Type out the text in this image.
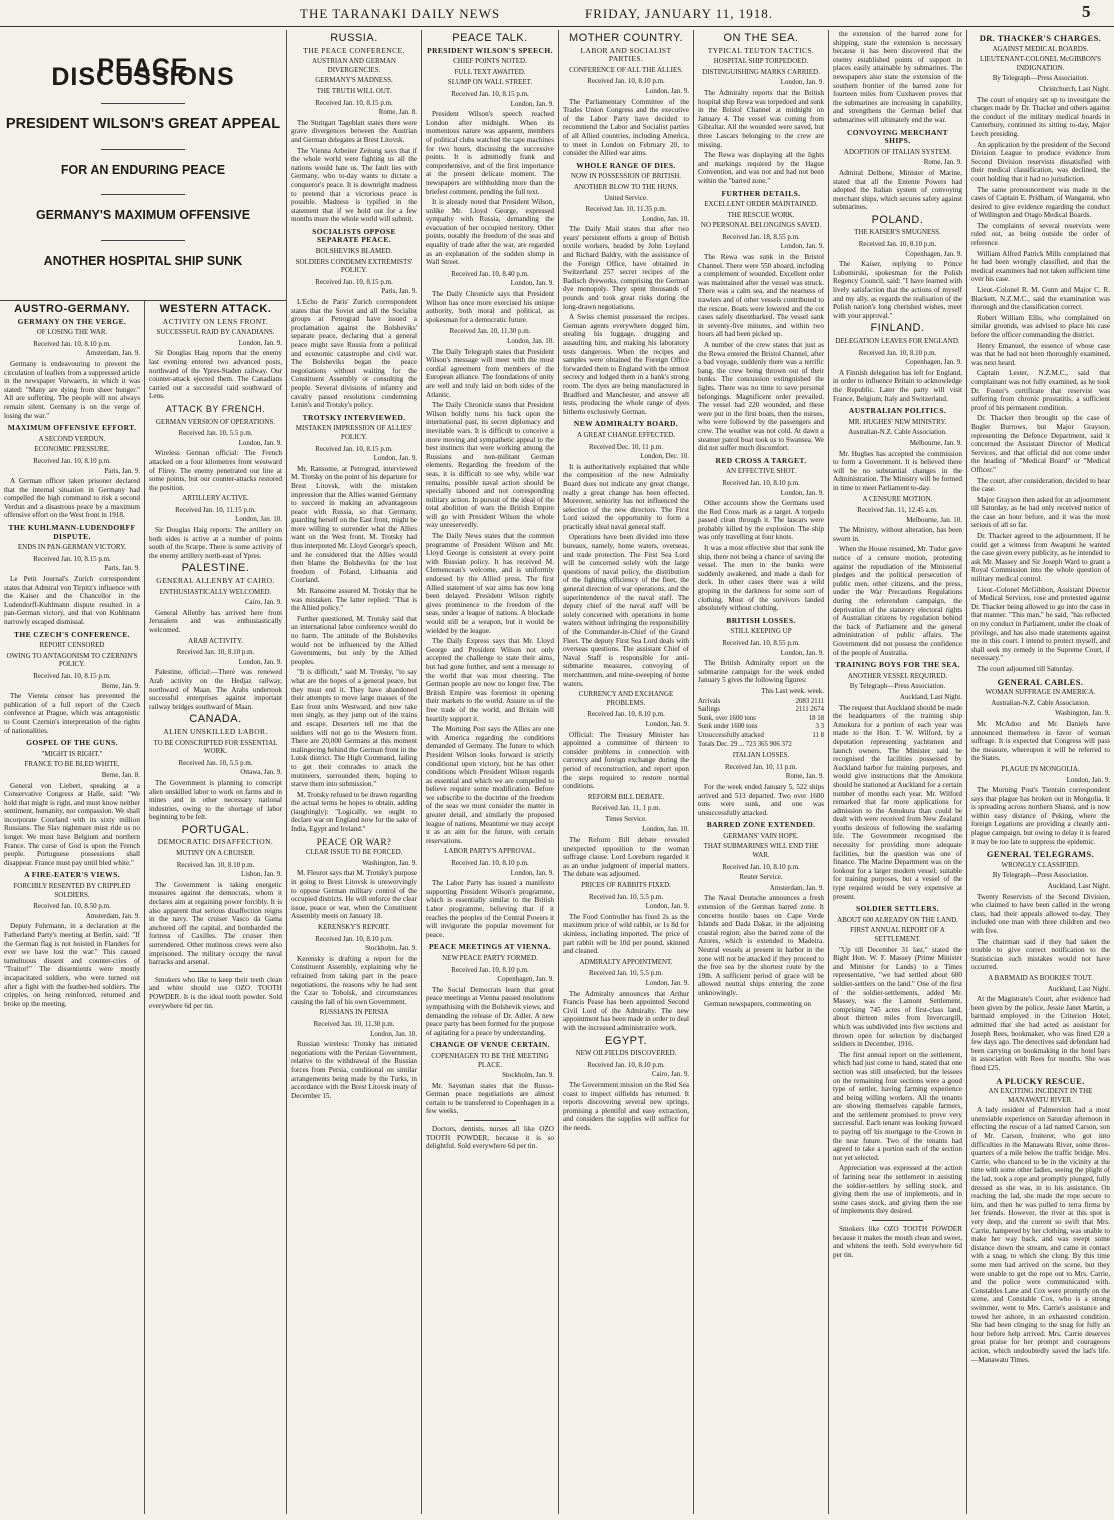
THE TARANAKI DAILY NEWS	FRIDAY, JANUARY 11, 1918.	5
PEACE DISCUSSIONS
PRESIDENT WILSON'S GREAT APPEAL
FOR AN ENDURING PEACE
GERMANY'S MAXIMUM OFFENSIVE
ANOTHER HOSPITAL SHIP SUNK
AUSTRO-GERMANY.
GERMANY ON THE VERGE.
OF LOSING THE WAR.
Received Jan. 10, 8.10 p.m.
Amsterdam, Jan. 9.

Germany is endeavouring to prevent the circulation of leaflets from a suppressed article in the newspaper Vorwaerts, in which it was stated: "Many are dying from sheer hunger." All are suffering. The people will not always remain silent. Germany is on the verge of losing the war."

MAXIMUM OFFENSIVE EFFORT.
A SECOND VERDUN.
ECONOMIC PRESSURE.
Received Jan. 10, 8.10 p.m.
Paris, Jan. 9.

A German officer taken prisoner declared that the internal situation in Germany had compelled the high command to risk a second Verdun and a disastrous peace by a maximum offensive effort on the West front in 1918.

THE KUHLMANN-LUDENDORFF DISPUTE.
ENDS IN PAN-GERMAN VICTORY.
Received Jan. 10, 8.15 p.m.
Paris, Jan. 9.

Le Petit Journal's Zurich correspondent states that Admiral von Tirpitz's influence with the Kaiser and the Chancellor in the Ludendorff-Kuhlmann dispute resulted in a pan-German victory, and that von Kuhlmann narrowly escaped dismissal.

THE CZECH'S CONFERENCE.
REPORT CENSORED
OWING TO ANTAGONISM TO CZERNIN'S POLICY.
Received Jan. 10, 8.15 p.m.
Berne, Jan. 9.

The Vienna censor has prevented the publication of a full report of the Czech conference at Prague, which was antagonistic to Count Czernin's interpretation of the rights of nationalities.

GOSPEL OF THE GUNS.
"MIGHT IS RIGHT."
FRANCE TO BE BLED WHITE.
Berne, Jan. 8.

General von Liebert, speaking at a Conservative Congress at Halle, said: "We hold that might is right, and must know neither sentiment, humanity, nor compassion. We shall incorporate Courland with its sixty million Russians. The Slav nightmare must ride us no longer. We must have Belgium and northern France. The curse of God is upon the French people. Portuguese possessions shall disappear. France must pay until bled white."

A FIRE-EATER'S VIEWS.
FORCIBLY RESENTED BY CRIPPLED SOLDIERS.
Received Jan. 10, 8.50 p.m.
Amsterdam, Jan. 9.

Deputy Fuhrmann, in a declaration at the Fatherland Party's meeting at Berlin, said: "If the German flag is not hoisted in Flanders for ever we have lost the war." This caused tumultuous dissent and counter-cries of "Traitor!" The dissentients were mostly incapacitated soldiers, who were turned out after a fight with the feather-bed soldiers. The cripples, on being reinforced, returned and broke up the meeting.

WESTERN ATTACK.
ACTIVITY ON LENS FRONT.
SUCCESSFUL RAID BY CANADIANS.
London, Jan. 9.

Sir Douglas Haig reports that the enemy last evening entered two advanced posts, northward of the Ypres-Staden railway. Our counter-attack ejected them. The Canadians carried out a successful raid southward of Lens.

ATTACK BY FRENCH.
GERMAN VERSION OF OPERATIONS.
Received Jan. 10, 5.5 p.m.
London, Jan. 9.

Wireless German official: The French attacked on a four kilometres front westward of Flirey. The enemy penetrated our line at some points, but our counter-attacks restored the position.

ARTILLERY ACTIVE.
Received Jan. 10, 11.15 p.m.
London, Jan. 10.

Sir Douglas Haig reports: The artillery on both sides is active at a number of points south of the Scarpe. There is some activity of the enemy artillery north-east of Ypres.

PALESTINE.
GENERAL ALLENBY AT CAIRO.
ENTHUSIASTICALLY WELCOMED.
Cairo, Jan. 9.

General Allenby has arrived here from Jerusalem and was enthusiastically welcomed.

ARAB ACTIVITY.
Received Jan. 10, 8.10 p.m.
London, Jan. 9.

Palestine, official:—There was renewed Arab activity on the Hedjaz railway, northward of Maan. The Arabs undertook successful enterprises against important railway bridges southward of Maan.

CANADA.
ALIEN UNSKILLED LABOR.
TO BE CONSCRIPTED FOR ESSENTIAL WORK.
Received Jan. 10, 5.5 p.m.
Ottawa, Jan. 9.

The Government is planning to conscript alien unskilled labor to work on farms and in mines and in other necessary national industries, owing to the shortage of labor beginning to be felt.

PORTUGAL.
DEMOCRATIC DISAFFECTION.
MUTINY ON A CRUISER.
Received Jan. 10, 8.10 p.m.
Lisbon, Jan. 9.

The Government is taking energetic measures against the democrats, whom it declares aim at regaining power forcibly. It is also apparent that serious disaffection reigns in the navy. The cruiser Vasco da Gama anchored off the capital, and bombarded the fortress of Caxilles. The cruiser then surrendered. Other mutinous crews were also imprisoned. The military occupy the naval barracks and arsenal.

Smokers who like to keep their teeth clean and white should use OZO TOOTH POWDER. It is the ideal tooth powder. Sold everywhere 6d per tin.

RUSSIA.
THE PEACE CONFERENCE.
AUSTRIAN AND GERMAN DIVERGENCIES.
GERMANY'S MADNESS.
THE TRUTH WILL OUT.
Received Jan. 10, 8.15 p.m.
Rome, Jan. 8.

The Stuttgart Tageblatt states there were grave divergences between the Austrian and German delegates at Brest Litovsk.

The Vienna Arbeiter Zeitung says that if the whole world were fighting us all the nations would hate us. The fault lies with Germany, who to-day wants to dictate a conqueror's peace. It is downright madness to pretend that a victorious peace is possible. Madness is typified in the statement that if we hold out for a few months more the whole world will submit.

SOCIALISTS OPPOSE SEPARATE PEACE.
BOLSHEVIKS BLAMED.
SOLDIERS CONDEMN EXTREMISTS' POLICY.
Received Jan. 10, 8.15 p.m.
Paris, Jan. 9.

L'Echo de Paris' Zurich correspondent states that the Soviet and all the Socialist groups at Petrograd have issued a proclamation against the Bolsheviks' separate peace, declaring that a general peace might save Russia from a political and economic catastrophe and civil war. The Bolsheviks began the peace negotiations without waiting for the Constituent Assembly or consulting the people. Several divisions of infantry and cavalry passed resolutions condemning Lenin's and Trotsky's policy.

TROTSKY INTERVIEWED.
MISTAKEN IMPRESSION OF ALLIES' POLICY.
Received Jan. 10, 8.15 p.m.
London, Jan. 9.

Mr. Ransome, at Petrograd, interviewed M. Trotsky on the point of his departure for Brest Litovsk, with the mistaken impression that the Allies wanted Germany to succeed in making an advantageous peace with Russia, so that Germany, guarding herself on the East front, might be more willing to surrender what the Allies want on the West front. M. Trotsky had thus interpreted Mr. Lloyd George's speech, and he considered that the Allies would then blame the Bolsheviks for the lost freedom of Poland, Lithuania and Courland.

Mr. Ransome assured M. Trotsky that he was mistaken. The latter replied: "That is the Allied policy."

Further questioned, M. Trotsky said that an international labor conference would do no harm. The attitude of the Bolsheviks would not be influenced by the Allied Governments, but only by the Allied peoples.

"It is difficult," said M. Trotsky, "to say what are the hopes of a general peace, but they must end it. They have abandoned their attempts to move large masses of the East front units Westward, and now take men singly, as they jump out of the trains and escape. Deserters tell me that the soldiers will not go to the Western front. There are 20,000 Germans at this moment malingering behind the German front in the Lutsk district. The High Command, failing to get their comrades to attack the mutineers, surrounded them, hoping to starve them into submission."

M. Trotsky refused to be drawn regarding the actual terms he hopes to obtain, adding (laughingly): "Logically, we ought to declare war on England now for the sake of India, Egypt and Ireland."

PEACE OR WAR?
CLEAR ISSUE TO BE FORCED.
Washington, Jan. 9.

M. Fleurot says that M. Trotsky's purpose in going to Brest Litovsk is unswervingly to oppose German military control of the occupied districts. He will enforce the clear issue, peace or war, when the Constituent Assembly meets on January 18.

KERENSKY'S REPORT.
Received Jan. 10, 8.10 p.m.
Stockholm, Jan. 9.

Kerensky is drafting a report for the Constituent Assembly, explaining why he refrained from taking part in the peace negotiations, the reasons why he had sent the Czar to Tobolsk, and circumstances causing the fall of his own Government.

RUSSIANS IN PERSIA
Received Jan. 10, 11.30 p.m.
London, Jan. 10.

Russian wireless: Trotsky has initiated negotiations with the Persian Government, relative to the withdrawal of the Russian forces from Persia, conditional on similar arrangements being made by the Turks, in accordance with the Brest Litovsk treaty of December 15.

PEACE TALK.
PRESIDENT WILSON'S SPEECH.
CHIEF POINTS NOTED.
FULL TEXT AWAITED.
SLUMP ON WALL STREET.
Received Jan. 10, 8.15 p.m.
London, Jan. 9.

President Wilson's speech reached London after midnight. When its momentous nature was apparent, members of political clubs watched the tape machines for two hours, discussing the successive points. It is admittedly frank and comprehensive, and of the first importance at the present delicate moment. The newspapers are withholding more than the briefest comment, pending the full text.

It is already noted that President Wilson, unlike Mr. Lloyd George, expressed sympathy with Russia, demanding the evacuation of her occupied territory. Other points, notably the freedom of the seas and equality of trade after the war, are regarded as an explanation of the sudden slump in Wall Street.

Received Jan. 10, 8.40 p.m.
London, Jan. 9.

The Daily Chronicle says that President Wilson has once more exercised his unique authority, both moral and political, as spokesman for a democratic future.

Received Jan. 10, 11.30 p.m.
London, Jan. 10.

The Daily Telegraph states that President Wilson's message will meet with the most cordial agreement from members of the European alliance. The foundations of unity are well and truly laid on both sides of the Atlantic.

The Daily Chronicle states that President Wilson boldly turns his back upon the international past, its secret diplomacy and inevitable wars. It is difficult to conceive a more moving and sympathetic appeal to the best instincts that were working among the Russians and non-militant German elements. Regarding the freedom of the seas, it is difficult to see why, while war remains, possible naval action should be specially tabooed and not corresponding military action. In pursuit of the ideal of the total abolition of wars the British Empire will go with President Wilson the whole way unreservedly.

The Daily News states that the common programme of President Wilson and Mr. Lloyd George is consistent at every point with Russian policy. It has received M. Clemenceau's welcome, and is uniformly endorsed by the Allied press. The first Allied statement of war aims has now long been delayed. President Wilson rightly gives prominence to the freedom of the seas, under a league of nations. A blockade would still be a weapon, but it would be wielded by the league.

The Daily Express says that Mr. Lloyd George and President Wilson not only accepted the challenge to state their aims, but had gone further, and sent a message to the world that was most cheering. The German people are now no longer free. The British Empire was foremost in opening their markets to the world. Assure us of the free trade of the world, and Britain will heartily support it.

The Morning Post says the Allies are one with America regarding the conditions demanded of Germany. The future to which President Wilson looks forward is strictly conditional upon victory, but he has other conditions which President Wilson regards as essential and which we are compelled to believe require some modification. Before we subscribe to the doctrine of the freedom of the seas we must consider the matter in greater detail, and similarly the proposed league of nations. Meantime we may accept it as an aim for the future, with certain reservations.

LABOR PARTY'S APPROVAL.
Received Jan. 10, 8.10 p.m.
London, Jan. 9.

The Labor Party has issued a manifesto supporting President Wilson's programme, which is essentially similar to the British Labor programme, believing that if it reaches the peoples of the Central Powers it will invigorate the popular movement for peace.

PEACE MEETINGS AT VIENNA.
NEW PEACE PARTY FORMED.
Received Jan. 10, 8.10 p.m.
Copenhagen, Jan. 9.

The Social Democrats learn that great peace meetings at Vienna passed resolutions sympathising with the Bolshevik views, and demanding the release of Dr. Adler. A new peace party has been formed for the purpose of agitating for a peace by understanding.

CHANGE OF VENUE CERTAIN.
COPENHAGEN TO BE THE MEETING PLACE.
Stockholm, Jan. 9.

Mr. Saysman states that the Russo-German peace negotiations are almost certain to be transferred to Copenhagen in a few weeks.

Doctors, dentists, nurses all like OZO TOOTH POWDER, because it is so delightful. Sold everywhere 6d per tin.

MOTHER COUNTRY.
LABOR AND SOCIALIST PARTIES.
CONFERENCE OF ALL THE ALLIES.
Received Jan. 10, 8.10 p.m.
London, Jan. 9.

The Parliamentary Committee of the Trades Union Congress and the executive of the Labor Party have decided to recommend the Labor and Socialist parties of all Allied countries, including America, to meet in London on February 20, to consider the Allied war aims.

WHOLE RANGE OF DIES.
NOW IN POSSESSION OF BRITISH.
ANOTHER BLOW TO THE HUNS.
United Service.
Received Jan. 10, 11.35 p.m.
London, Jan. 10.

The Daily Mail states that after two years' persistent efforts a group of British textile workers, headed by John Leyland and Richard Baldry, with the assistance of the Foreign Office, have obtained in Switzerland 257 secret recipes of the Badisch dyeworks, comprising the German dye monopoly. They spent thousands of pounds and took great risks during the long-drawn negotiations.

A Swiss chemist possessed the recipes. German agents everywhere dogged him, stealing his luggage, drugging and assaulting him, and making his laboratory tests dangerous. When the recipes and samples were obtained the Foreign Office forwarded them to England with the utmost secrecy and lodged them in a bank's strong room. The dyes are being manufactured in Bradford and Manchester, and answer all tests, producing the whole range of dyes hitherto exclusively German.

NEW ADMIRALTY BOARD.
A GREAT CHANGE EFFECTED.
Received Dec. 10, 11 p.m.
London, Dec. 10.

It is authoritatively explained that while the composition of the new Admiralty Board does not indicate any great change, really a great change has been effected. Moreover, seniority has not influenced the selection of the new directors. The First Lord seized the opportunity to form a practically ideal naval general staff.

Operations have been divided into three bureaux, namely, home waters, overseas, and trade protection. The First Sea Lord will be concerned solely with the large questions of naval policy, the distribution of the fighting efficiency of the fleet, the general direction of war operations, and the superintendence of the naval staff. The deputy chief of the naval staff will be solely concerned with operations in home waters without infringing the responsibility of the Commander-in-Chief of the Grand Fleet. The deputy First Sea Lord deals with overseas questions. The assistant Chief of Naval Staff is responsible for anti-submarine measures, convoying of merchantmen, and mine-sweeping of home waters.

CURRENCY AND EXCHANGE PROBLEMS.
Received Jan. 10, 8.10 p.m.
London, Jan. 9.

Official: The Treasury Minister has appointed a committee of thirteen to consider problems in connection with currency and foreign exchange during the period of reconstruction, and report upon the steps required to restore normal conditions.

REFORM BILL DEBATE.
Received Jan. 11, 1 p.m.
Times Service.
London, Jan. 10.

The Reform Bill debate revealed unexpected opposition to the woman suffrage clause. Lord Loreburn regarded it as an undue judgment of imperial matters. The debate was adjourned.

PRICES OF RABBITS FIXED.
Received Jan. 10, 5.5 p.m.
London, Jan. 9.

The Food Controller has fixed 2s as the maximum price of wild rabbit, or 1s 8d for skinless, including imported. The price of part rabbit will be 10d per pound, skinned and cleaned.

ADMIRALTY APPOINTMENT.
Received Jan. 10, 5.5 p.m.
London, Jan. 9.

The Admiralty announces that Arthur Francis Pease has been appointed Second Civil Lord of the Admiralty. The new appointment has been made in order to deal with the increased administrative work.

EGYPT.
NEW OILFIELDS DISCOVERED.
Received Jan. 10, 8.10 p.m.
Cairo, Jan. 9.

The Government mission on the Red Sea coast to inspect oilfields has returned. It reports discovering several new springs, promising a plentiful and easy extraction, and considers the supplies will suffice for the needs.

ON THE SEA.
TYPICAL TEUTON TACTICS.
HOSPITAL SHIP TORPEDOED.
DISTINGUISHING MARKS CARRIED.
London, Jan. 9.

The Admiralty reports that the British hospital ship Rewa was torpedoed and sunk in the Bristol Channel at midnight on January 4. The vessel was coming from Gibraltar. All the wounded were saved, but three Lascars belonging to the crew are missing.

The Rewa was displaying all the lights and markings required by the Hague Convention, and was not and had not been within the "barred zone."

FURTHER DETAILS.
EXCELLENT ORDER MAINTAINED.
THE RESCUE WORK.
NO PERSONAL BELONGINGS SAVED.
Received Jan. 18, 8.55 p.m.
London, Jan. 9.

The Rewa was sunk in the Bristol Channel. There were 550 aboard, including a complement of wounded. Excellent order was maintained after the vessel was struck. There was a calm sea, and the nearness of trawlers and of other vessels contributed to the rescue. Boats were lowered and the cot cases safely disembarked. The vessel sank in seventy-five minutes, and within two hours all had been picked up.

A number of the crew states that just as the Rewa entered the Bristol Channel, after a bad voyage, suddenly there was a terrific bang, the crew being thrown out of their bunks. The concussion extinguished the lights. There was no time to save personal belongings. Magnificent order prevailed. The vessel had 220 wounded, and these were put in the first boats, then the nurses, who were followed by the passengers and crew. The weather was not cold. At dawn a steamer patrol boat took us to Swansea. We did not suffer much discomfort.

RED CROSS A TARGET.
AN EFFECTIVE SHOT.
Received Jan. 10, 8.10 p.m.
London, Jan. 9.

Other accounts show the Germans used the Red Cross mark as a target. A torpedo passed clean through it. The lascars were probably killed by the explosion. The ship was only travelling at four knots.

It was a most effective shot that sunk the ship, there not being a chance of saving the vessel. The men in the bunks were suddenly awakened, and made a dash for deck. In other cases there was a wild groping in the darkness for some sort of clothing. Most of the survivors landed absolutely without clothing.

BRITISH LOSSES.
STILL KEEPING UP
Received Jan. 10, 8.55 p.m.
London, Jan. 9.

The British Admiralty report on the submarine campaign for the week ended January 5 gives the following figures:

This Last week. week.
Arrivals	2083 2111
Sailings	2111 2674
Sunk, over 1600 tons	18 18
Sunk under 1600 tons	3 3
Unsuccessfully attacked	11 8
Totals Dec. 29 ... 723 365 906 372
ITALIAN LOSSES.
Received Jan. 10, 11 p.m.
Rome, Jan. 9.

For the week ended January 5, 522 ships arrived and 513 departed. Two over 1600 tons were sunk, and one was unsuccessfully attacked.

BARRED ZONE EXTENDED.
GERMANS' VAIN HOPE.
THAT SUBMARINES WILL END THE WAR.
Received Jan. 10, 8.10 p.m.
Reuter Service.
Amsterdam, Jan. 9.

The Naval Deutsche announces a fresh extension of the German barred zone. It concerns hostile bases on Cape Verde Islands and Dada Dakar, in the adjoining coastal region; also the barred zone of the Azores, which is extended to Madeira. Neutral vessels at present in harbor in the zone will not be attacked if they proceed to the free sea by the shortest route by the 19th. A sufficient period of grace will be allowed neutral ships entering the zone unknowingly.

German newspapers, commenting on

the extension of the barred zone for shipping, state the extension is necessary because it has been discovered that the enemy established points of support in places easily attainable by submarines. The newspapers also state the extension of the southern frontier of the barred zone for fourteen miles from Cuxhaven proves that the submarines are increasing in capability, and strengthens the German belief that submarines will ultimately end the war.

CONVOYING MERCHANT SHIPS.
ADOPTION OF ITALIAN SYSTEM.
Rome, Jan. 9.

Admiral Delbone, Minister of Marine, stated that all the Entente Powers had adopted the Italian system of convoying merchant ships, which secures safety against submarines.

POLAND.
THE KAISER'S SMUGNESS.
Received Jan. 10, 8.10 p.m.
Copenhagen, Jan. 9.

The Kaiser, replying to Prince Lubomirski, spokesman for the Polish Regency Council, said: "I have learned with lively satisfaction that the actions of myself and my ally, as regards the realisation of the Polish nation's long cherished wishes, meet with your approval."

FINLAND.
DELEGATION LEAVES FOR ENGLAND.
Received Jan. 10, 8.10 p.m.
Copenhagen, Jan. 9.

A Finnish delegation has left for England, in order to influence Britain to acknowledge the Republic. Later the party will visit France, Belgium, Italy and Switzerland.

AUSTRALIAN POLITICS.
MR. HUGHES' NEW MINISTRY.
Australian-N.Z. Cable Association.
Melbourne, Jan. 9.

Mr. Hughes has accepted the commission to form a Government. It is believed there will be no substantial changes in the Administration. The Ministry will be formed in time to meet Parliament to-day.

A CENSURE MOTION.
Received Jan. 11, 12.45 a.m.
Melbourne, Jan. 10.

The Ministry, without alteration, has been sworn in.

When the House resumed, Mr. Tudor gave notice of a censure motion, protesting against the repudiation of the Ministerial pledges and the political persecution of public men, other citizens, and the press, under the War Precautions Regulations during the referendum campaign, the deprivation of the statutory electoral rights of Australian citizens by regulation behind the back of Parliament and the general administration of public affairs. The Government did not possess the confidence of the people of Australia.

TRAINING BOYS FOR THE SEA.
ANOTHER VESSEL REQUIRED.
By Telegraph—Press Association.
Auckland, Last Night.

The request that Auckland should be made the headquarters of the training ship Amokura for a portion of each year was made to the Hon. T. W. Wilford, by a deputation representing yachtsmen and launch owners. The Minister said he recognised the facilities possessed by Auckland harbor for training purposes, and would give instructions that the Amokura should be stationed at Auckland for a certain number of months each year. Mr. Wilford remarked that far more applications for admission to the Amokura than could be dealt with were received from New Zealand youths desirous of following the seafaring life. The Government recognised the necessity for providing more adequate facilities, but the question was one of finance. The Marine Department was on the lookout for a larger modern vessel, suitable for training purposes, but a vessel of the type required would be very expensive at present.

SOLDIER SETTLERS.
ABOUT 600 ALREADY ON THE LAND.
FIRST ANNUAL REPORT OF A SETTLEMENT.

"Up till December 31 last," stated the Right Hon. W. F. Massey (Prime Minister and Minister for Lands) to a Times representative, "we had settled about 600 soldier-settlers on the land." One of the first of the soldier-settlements, added Mr. Massey, was the Lamont Settlement, comprising 745 acres of first-class land, about thirteen miles from Invercargill, which was subdivided into five sections and thrown open for selection by discharged soldiers in December, 1916.

The first annual report on the settlement, which had just come to hand, stated that one section was still unselected, but the lessees on the remaining four sections were a good type of settler, having farming experience and being willing workers. All the tenants are showing themselves capable farmers, and the settlement promised to prove very successful. Each tenant was looking forward to paying off his mortgage to the Crown in the near future. Two of the tenants had agreed to take a portion each of the section not yet selected.

Appreciation was expressed at the action of farming near the settlement in assisting the soldier-settlers by selling stock, and giving them the use of implements, and in some cases stock, and giving them the use of implements they desired.

Smokers like OZO TOOTH POWDER because it makes the mouth clean and sweet, and whitens the teeth. Sold everywhere 6d per tin.

DR. THACKER'S CHARGES.
AGAINST MEDICAL BOARDS.
LIEUTENANT-COLONEL McGIBBON'S INDIGNATION.
By Telegraph—Press Association.
Christchurch, Last Night.

The court of enquiry set up to investigate the charges made by Dr. Thacker and others against the conduct of the military medical boards in Canterbury, continued its sitting to-day, Major Leech presiding.

An application by the president of the Second Division League to produce evidence from Second Division reservists dissatisfied with their medical classification, was declined, the court holding that it had no jurisdiction.

The same pronouncement was made in the cases of Captain E. Pridham, of Wanganui, who desired to give evidence regarding the conduct of Wellington and Otago Medical Boards.

The complaints of several reservists were ruled out, as being outside the order of reference.

William Alfred Patrick Mills complained that he had been wrongly classified, and that the medical examiners had not taken sufficient time over his case.

Lieut.-Colonel R. M. Gunn and Major C. R. Blackett, N.Z.M.C., said the examination was thorough and the classification correct.

Robert William Ellis, who complained on similar grounds, was advised to place his case before the officer commanding the district.

Henry Emanuel, the essence of whose case was that he had not been thoroughly examined, was next heard.

Captain Lester, N.Z.M.C., said that complainant was not fully examined, as he took Dr. Foster's certificate that reservist was suffering from chronic prostatitis, a sufficient proof of his permanent condition.

Dr. Thacker then brought up the case of Bugler Burrows, but Major Grayson, representing the Defence Department, said it concerned the Assistant Director of Medical Services, and that official did not come under the heading of "Medical Board" or "Medical Officer."

The court, after consideration, decided to hear the case.

Major Grayson then asked for an adjournment till Saturday, as he had only received notice of the case an hour before, and it was the most serious of all so far.

Dr. Thacker agreed to the adjournment. If he could get a witness from Awapuni he wanted the case given every publicity, as he intended to ask Mr. Massey and Sir Joseph Ward to grant a Royal Commission into the whole question of military medical control.

Lieut.-Colonel McGibbon, Assistant Director of Medical Services, rose and protested against Dr. Thacker being allowed to go into the case in that manner. "This man," he said, "has reflected on my conduct in Parliament, under the cloak of privilege, and has also made statements against me in this court. I intend to protect myself, and shall seek my remedy in the Supreme Court, if necessary."

The court adjourned till Saturday.

GENERAL CABLES.
WOMAN SUFFRAGE IN AMERICA.
Australian-N.Z. Cable Association.
Washington, Jan. 9.

Mr. McAdoo and Mr. Daniels have announced themselves in favor of woman suffrage. It is expected that Congress will pass the measure, whereupon it will be referred to the States.

PLAGUE IN MONGOLIA.
London, Jan. 9.

The Morning Post's Tientsin correspondent says that plague has broken out in Mongolia. It is spreading across northern Shansi, and is now within easy distance of Peking, where the foreign Legations are providing a cleanly anti-plague campaign, but owing to delay it is feared it may be too late to suppress the epidemic.

GENERAL TELEGRAMS.
WRONGLY CLASSIFIED.
By Telegraph—Press Association.
Auckland, Last Night.

Twenty Reservists of the Second Division, who claimed to have been called in the wrong class, had their appeals allowed to-day. They included one man with three children and two with five.

The chairman said if they had taken the trouble to give correct notification to the Statistician such mistakes would not have occurred.

A BARMAID AS BOOKIES' TOUT.
Auckland, Last Night.

At the Magistrate's Court, after evidence had been given by the police, Jessie Janet Martin, a barmaid employed in the Criterion Hotel, admitted that she had acted as assistant for Joseph Rees, bookmaker, who was fined £20 a few days ago. The detectives said defendant had been carrying on bookmaking in the hotel bars in association with Rees for months. She was fined £25.

A PLUCKY RESCUE.
AN EXCITING INCIDENT IN THE MANAWATU RIVER.

A lady resident of Palmerston had a most unenviable experience on Saturday afternoon in effecting the rescue of a lad named Carson, son of Mr. Carson, fruiterer, who got into difficulties in the Manawatu River, some three-quarters of a mile below the traffic bridge. Mrs. Carrie, who chanced to be in the vicinity at the time with some other ladies, seeing the plight of the lad, took a rope and promptly plunged, fully dressed as she was, in to his assistance. On reaching the lad, she made the rope secure to him, and then he was pulled to terra firma by her friends. However, the river at this spot is very deep, and the current so swift that Mrs. Carrie, hampered by her clothing, was unable to make her way back, and was swept some distance down the stream, and came in contact with a snag, to which she clung. By this time some men had arrived on the scene, but they were unable to get the rope out to Mrs. Carrie, and the police were communicated with. Constables Lane and Cox were promptly on the scene, and Constable Cox, who is a strong swimmer, went to Mrs. Carrie's assistance and towed her ashore, in an exhausted condition. She had been clinging to the snag for fully an hour before help arrived. Mrs. Carrie deserves great praise for her prompt and courageous action, which undoubtedly saved the lad's life.—Manawatu Times.
